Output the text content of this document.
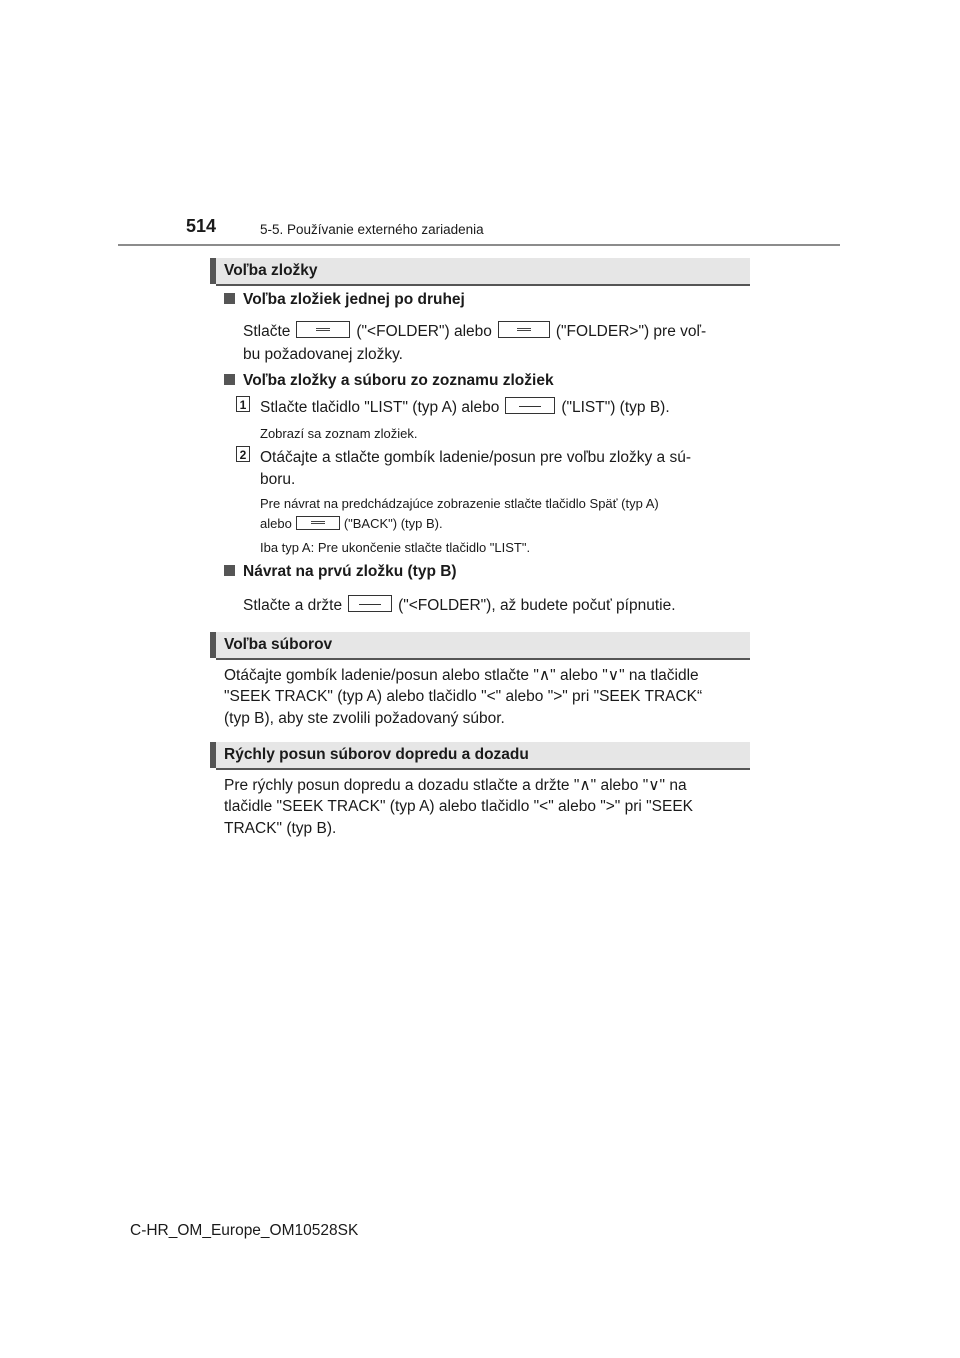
514	5-5. Používanie externého zariadenia
Voľba zložky
Voľba zložiek jednej po druhej
Stlačte	("<FOLDER") alebo	("FOLDER>") pre voľ-
bu požadovanej zložky.
Voľba zložky a súboru zo zoznamu zložiek
1 Stlačte tlačidlo "LIST" (typ A) alebo	("LIST") (typ B).
Zobrazí sa zoznam zložiek.
2 Otáčajte a stlačte gombík ladenie/posun pre voľbu zložky a sú-
boru.
Pre návrat na predchádzajúce zobrazenie stlačte tlačidlo Späť (typ A)
alebo	("BACK") (typ B).
Iba typ A: Pre ukončenie stlačte tlačidlo "LIST".
Návrat na prvú zložku (typ B)
Stlačte a držte	("<FOLDER"), až budete počuť pípnutie.
Voľba súborov
Otáčajte gombík ladenie/posun alebo stlačte "∧" alebo "∨" na tlačidle
"SEEK TRACK" (typ A) alebo tlačidlo "<" alebo ">" pri "SEEK TRACK“
(typ B), aby ste zvolili požadovaný súbor.
Rýchly posun súborov dopredu a dozadu
Pre rýchly posun dopredu a dozadu stlačte a držte "∧" alebo "∨" na
tlačidle "SEEK TRACK" (typ A) alebo tlačidlo "<" alebo ">" pri "SEEK
TRACK" (typ B).
C-HR_OM_Europe_OM10528SK
